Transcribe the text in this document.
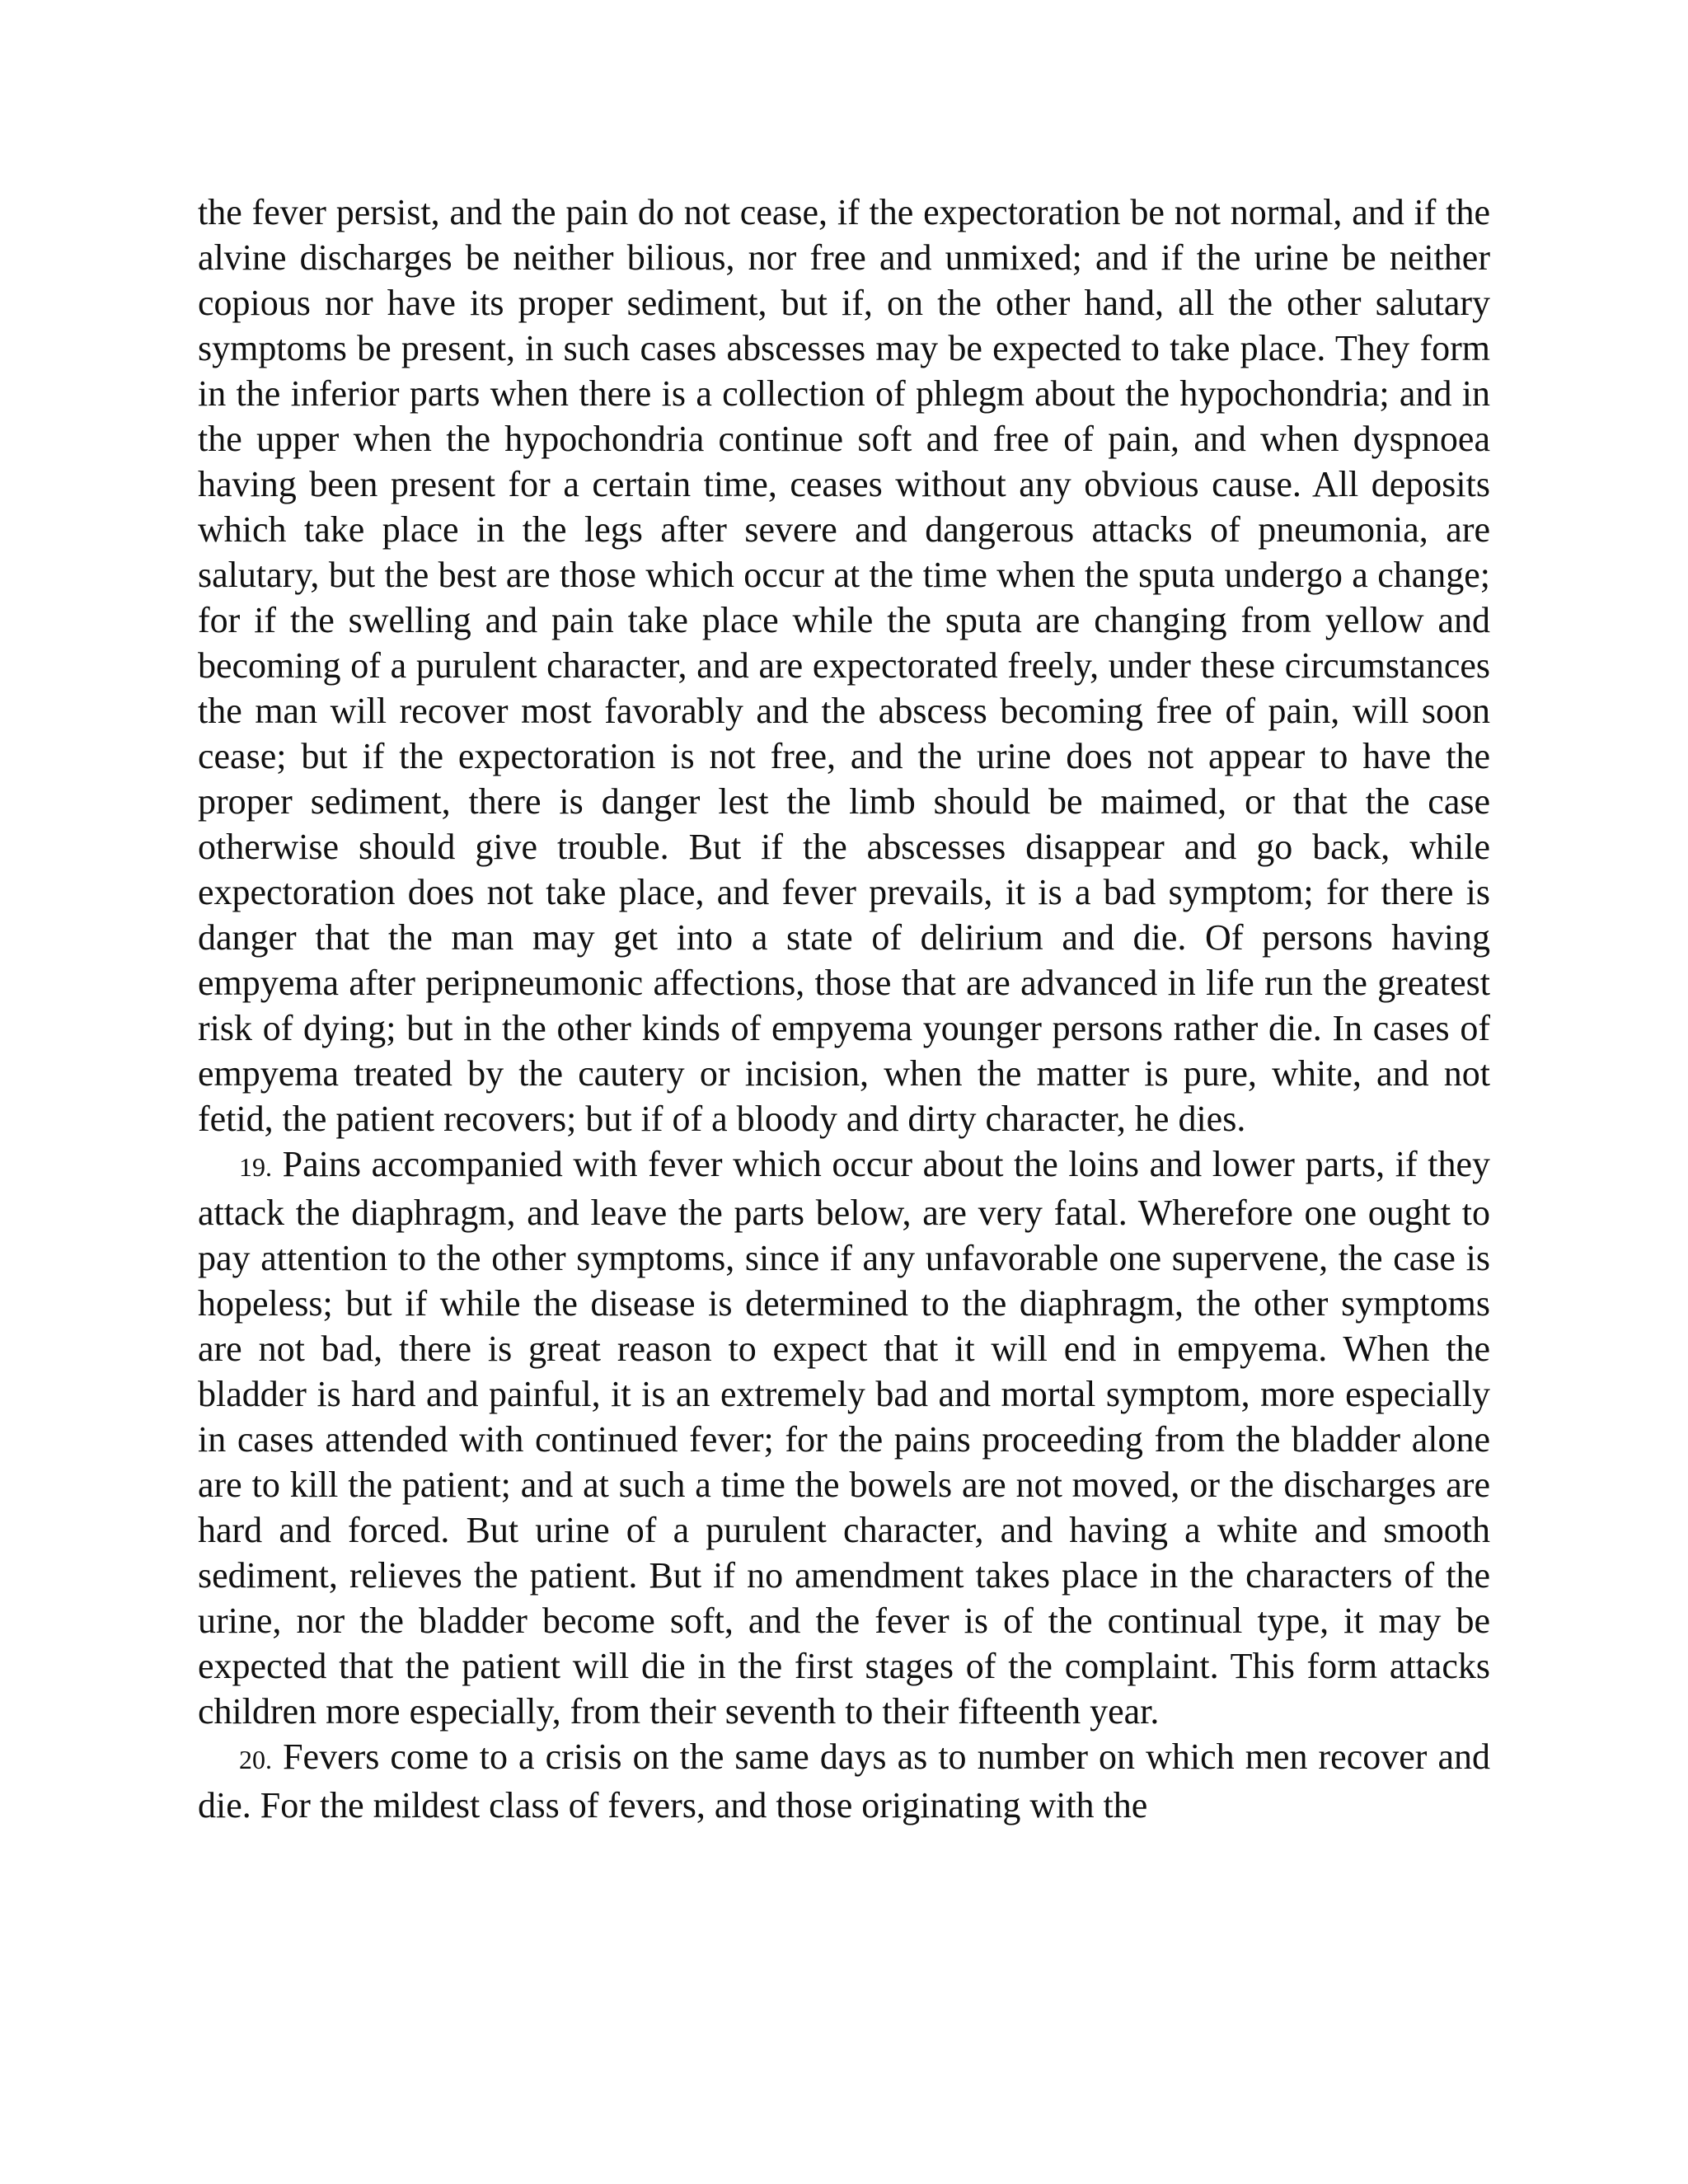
the fever persist, and the pain do not cease, if the expectoration be not normal, and if the alvine discharges be neither bilious, nor free and unmixed; and if the urine be neither copious nor have its proper sediment, but if, on the other hand, all the other salutary symptoms be present, in such cases abscesses may be expected to take place. They form in the inferior parts when there is a collection of phlegm about the hypochondria; and in the upper when the hypochondria continue soft and free of pain, and when dyspnoea having been present for a certain time, ceases without any obvious cause. All deposits which take place in the legs after severe and dangerous attacks of pneumonia, are salutary, but the best are those which occur at the time when the sputa undergo a change; for if the swelling and pain take place while the sputa are changing from yellow and becoming of a purulent character, and are expectorated freely, under these circumstances the man will recover most favorably and the abscess becoming free of pain, will soon cease; but if the expectoration is not free, and the urine does not appear to have the proper sediment, there is danger lest the limb should be maimed, or that the case otherwise should give trouble. But if the abscesses disappear and go back, while expectoration does not take place, and fever prevails, it is a bad symptom; for there is danger that the man may get into a state of delirium and die. Of persons having empyema after peripneumonic affections, those that are advanced in life run the greatest risk of dying; but in the other kinds of empyema younger persons rather die. In cases of empyema treated by the cautery or incision, when the matter is pure, white, and not fetid, the patient recovers; but if of a bloody and dirty character, he dies.

19. Pains accompanied with fever which occur about the loins and lower parts, if they attack the diaphragm, and leave the parts below, are very fatal. Wherefore one ought to pay attention to the other symptoms, since if any unfavorable one supervene, the case is hopeless; but if while the disease is determined to the diaphragm, the other symptoms are not bad, there is great reason to expect that it will end in empyema. When the bladder is hard and painful, it is an extremely bad and mortal symptom, more especially in cases attended with continued fever; for the pains proceeding from the bladder alone are to kill the patient; and at such a time the bowels are not moved, or the discharges are hard and forced. But urine of a purulent character, and having a white and smooth sediment, relieves the patient. But if no amendment takes place in the characters of the urine, nor the bladder become soft, and the fever is of the continual type, it may be expected that the patient will die in the first stages of the complaint. This form attacks children more especially, from their seventh to their fifteenth year.

20. Fevers come to a crisis on the same days as to number on which men recover and die. For the mildest class of fevers, and those originating with the
